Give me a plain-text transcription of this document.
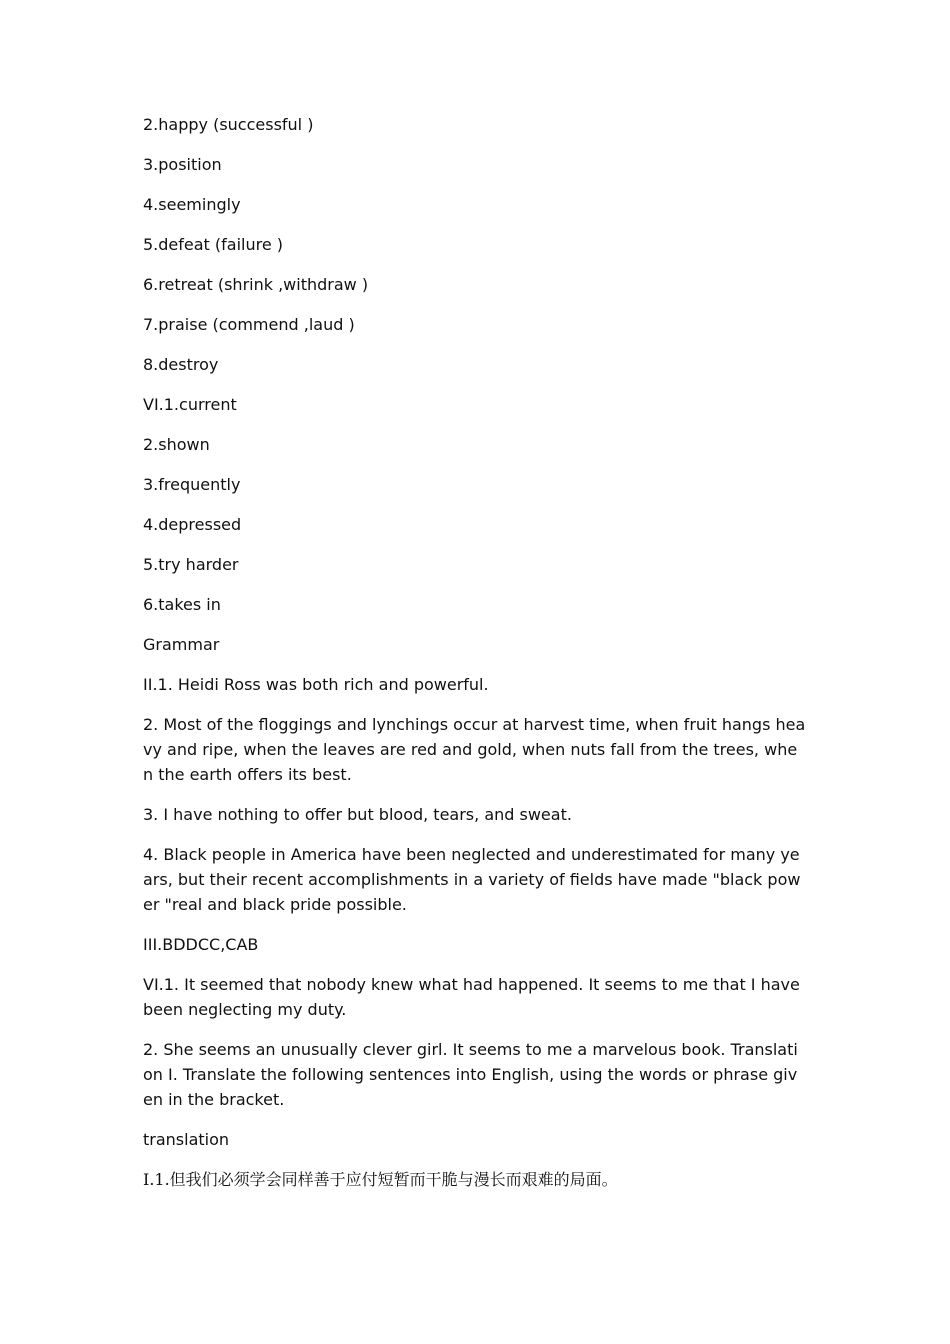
2.happy (successful )

3.position

4.seemingly

5.defeat (failure )

6.retreat (shrink ,withdraw )

7.praise (commend ,laud )

8.destroy

VI.1.current

2.shown

3.frequently

4.depressed

5.try harder

6.takes in

Grammar

II.1. Heidi Ross was both rich and powerful.

2. Most of the floggings and lynchings occur at harvest time, when fruit hangs heavy and ripe, when the leaves are red and gold, when nuts fall from the trees, when the earth offers its best.

3. I have nothing to offer but blood, tears, and sweat.

4. Black people in America have been neglected and underestimated for many years, but their recent accomplishments in a variety of fields have made "black power "real and black pride possible.

III.BDDCC,CAB

VI.1. It seemed that nobody knew what had happened. It seems to me that I have been neglecting my duty.

2. She seems an unusually clever girl. It seems to me a marvelous book. Translation Ⅰ. Translate the following sentences into English, using the words or phrase given in the bracket.

translation

I.1.但我们必须学会同样善于应付短暂而干脆与漫长而艰难的局面。
